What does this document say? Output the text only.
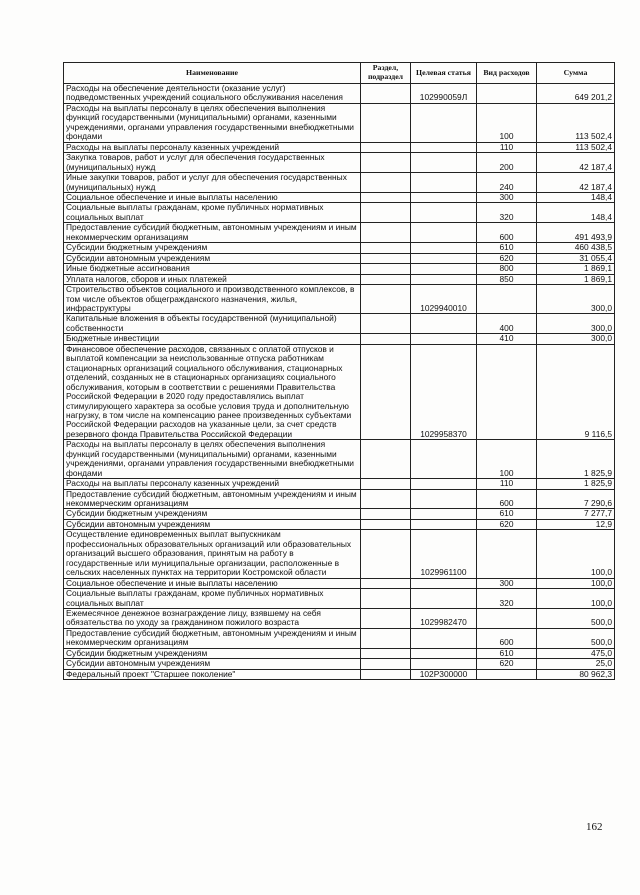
Наименование	Раздел, подраздел	Целевая статья	Вид расходов	Сумма
Расходы на обеспечение деятельности (оказание услуг) подведомственных учреждений социального обслуживания населения		102990059Л		649 201,2
Расходы на выплаты персоналу в целях обеспечения выполнения функций государственными (муниципальными) органами, казенными учреждениями, органами управления государственными внебюджетными фондами			100	113 502,4
Расходы на выплаты персоналу казенных учреждений			110	113 502,4
Закупка товаров, работ и услуг для обеспечения государственных (муниципальных) нужд			200	42 187,4
Иные закупки товаров, работ и услуг для обеспечения государственных (муниципальных) нужд			240	42 187,4
Социальное обеспечение и иные выплаты населению			300	148,4
Социальные выплаты гражданам, кроме публичных нормативных социальных выплат			320	148,4
Предоставление субсидий бюджетным, автономным учреждениям и иным некоммерческим организациям			600	491 493,9
Субсидии бюджетным учреждениям			610	460 438,5
Субсидии автономным учреждениям			620	31 055,4
Иные бюджетные ассигнования			800	1 869,1
Уплата налогов, сборов и иных платежей			850	1 869,1
Строительство объектов социального и производственного комплексов, в том числе объектов общегражданского назначения, жилья, инфраструктуры		1029940010		300,0
Капитальные вложения в объекты государственной (муниципальной) собственности			400	300,0
Бюджетные инвестиции			410	300,0
Финансовое обеспечение расходов, связанных с оплатой отпусков и выплатой компенсации за неиспользованные отпуска работникам стационарных организаций социального обслуживания, стационарных отделений, созданных не в стационарных организациях социального обслуживания, которым в соответствии с решениями Правительства Российской Федерации в 2020 году предоставлялись выплат стимулирующего характера за особые условия труда и дополнительную нагрузку, в том числе на компенсацию ранее произведенных субъектами Российской Федерации расходов на указанные цели, за счет средств резервного фонда Правительства Российской Федерации		1029958370		9 116,5
Расходы на выплаты персоналу в целях обеспечения выполнения функций государственными (муниципальными) органами, казенными учреждениями, органами управления государственными внебюджетными фондами			100	1 825,9
Расходы на выплаты персоналу казенных учреждений			110	1 825,9
Предоставление субсидий бюджетным, автономным учреждениям и иным некоммерческим организациям			600	7 290,6
Субсидии бюджетным учреждениям			610	7 277,7
Субсидии автономным учреждениям			620	12,9
Осуществление единовременных выплат выпускникам профессиональных образовательных организаций или образовательных организаций высшего образования, принятым на работу в государственные или муниципальные организации, расположенные в сельских населенных пунктах на территории Костромской области		1029961100		100,0
Социальное обеспечение и иные выплаты населению			300	100,0
Социальные выплаты гражданам, кроме публичных нормативных социальных выплат			320	100,0
Ежемесячное денежное вознаграждение лицу, взявшему на себя обязательства по уходу за гражданином пожилого возраста		1029982470		500,0
Предоставление субсидий бюджетным, автономным учреждениям и иным некоммерческим организациям			600	500,0
Субсидии бюджетным учреждениям			610	475,0
Субсидии автономным учреждениям			620	25,0
Федеральный проект "Старшее поколение"		102P300000		80 962,3
162
